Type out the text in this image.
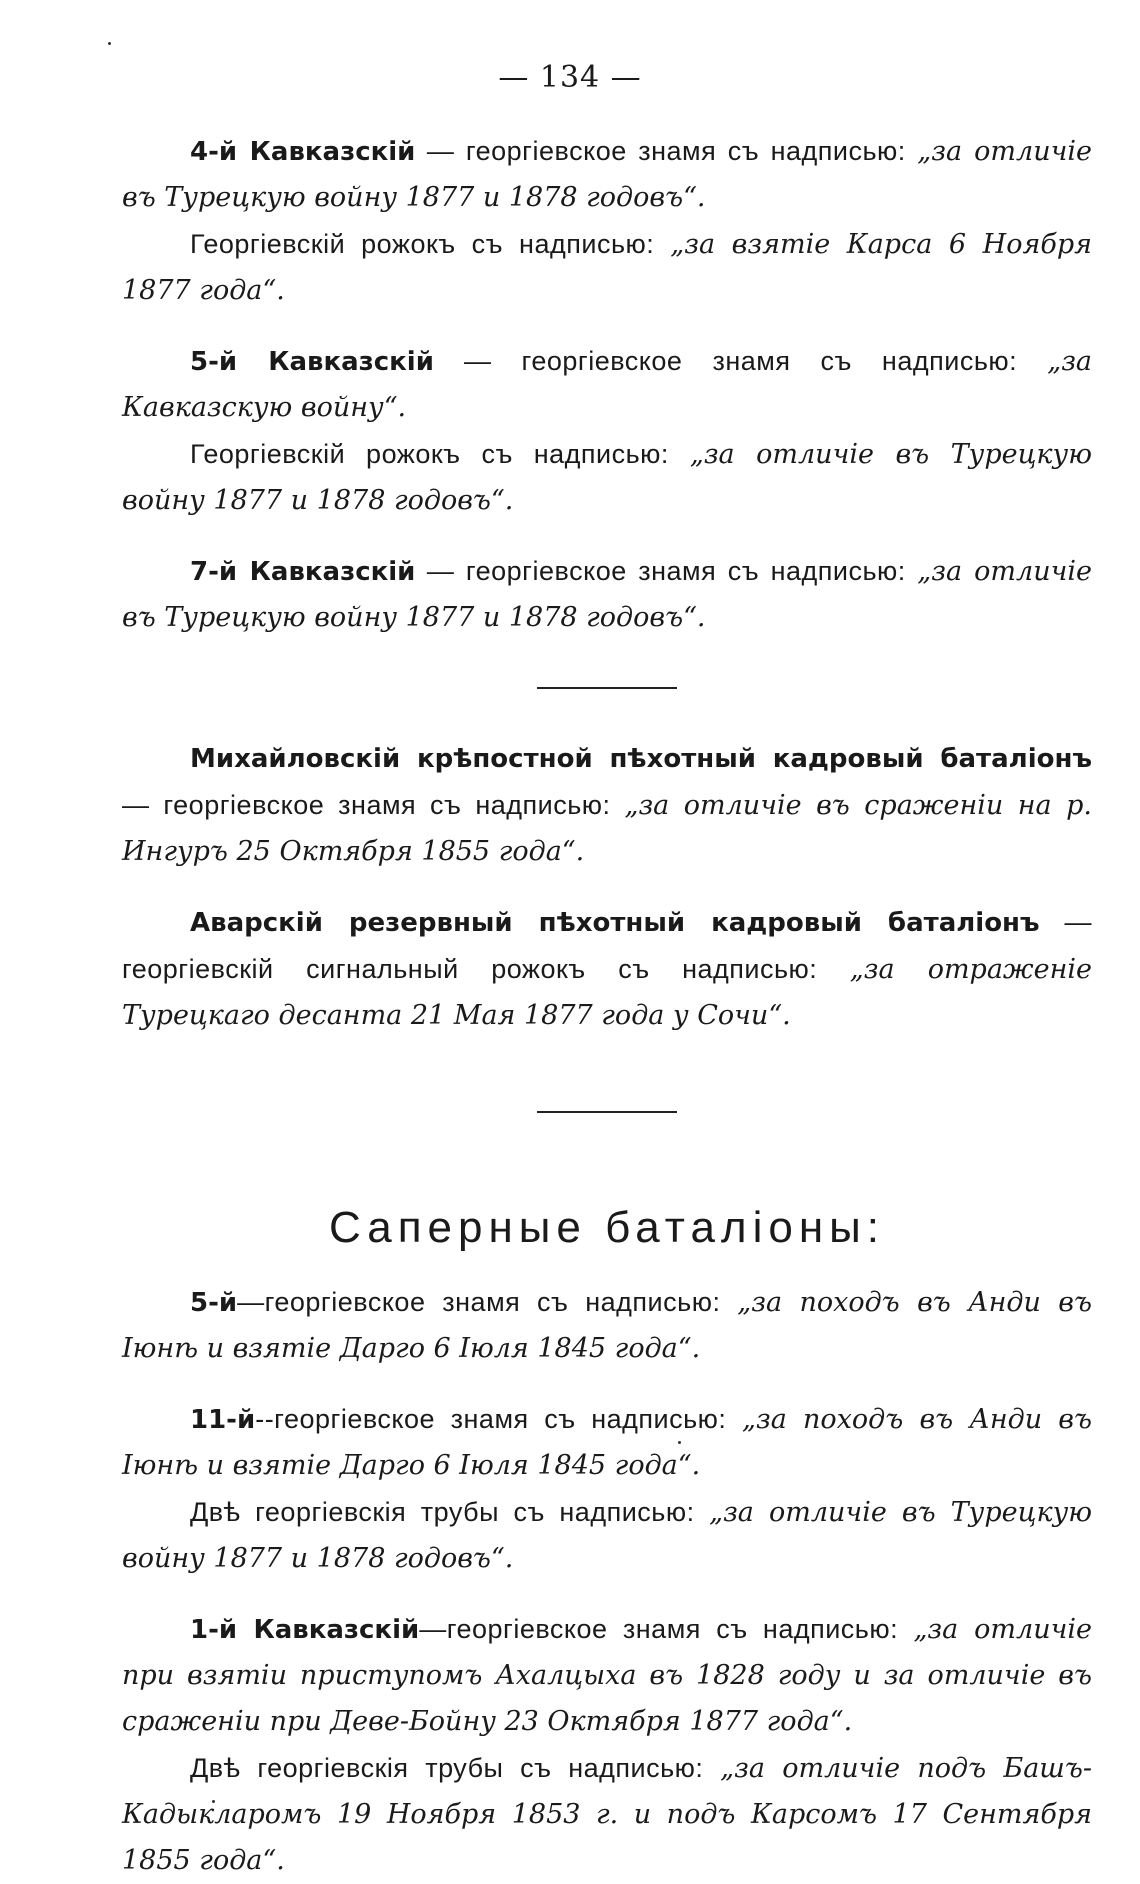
— 134 —

4-й Кавказскій — георгіевское знамя съ надписью: „за отличіе въ Турецкую войну 1877 и 1878 годовъ“.

Георгіевскій рожокъ съ надписью: „за взятіе Карса 6 Ноября 1877 года“.

5-й Кавказскій — георгіевское знамя съ надписью: „за Кавказскую войну“.

Георгіевскій рожокъ съ надписью: „за отличіе въ Турецкую войну 1877 и 1878 годовъ“.

7-й Кавказскій — георгіевское знамя съ надписью: „за отличіе въ Турецкую войну 1877 и 1878 годовъ“.

Михайловскій крѣпостной пѣхотный кадровый баталіонъ — георгіевское знамя съ надписью: „за отличіе въ сраженіи на р. Ингуръ 25 Октября 1855 года“.

Аварскій резервный пѣхотный кадровый баталіонъ — георгіевскій сигнальный рожокъ съ надписью: „за отраженіе Турецкаго десанта 21 Мая 1877 года у Сочи“.

Саперные баталіоны:

5-й—георгіевское знамя съ надписью: „за походъ въ Анди въ Іюнѣ и взятіе Дарго 6 Іюля 1845 года“.

11-й--георгіевское знамя съ надписью: „за походъ въ Анди въ Іюнѣ и взятіе Дарго 6 Іюля 1845 года“.

Двѣ георгіевскія трубы съ надписью: „за отличіе въ Турецкую войну 1877 и 1878 годовъ“.

1-й Кавказскій—георгіевское знамя съ надписью: „за отличіе при взятіи приступомъ Ахалцыха въ 1828 году и за отличіе въ сраженіи при Деве-Бойну 23 Октября 1877 года“.

Двѣ георгіевскія трубы съ надписью: „за отличіе подъ Башъ-Кадыкларомъ 19 Ноября 1853 г. и подъ Карсомъ 17 Сентября 1855 года“.
